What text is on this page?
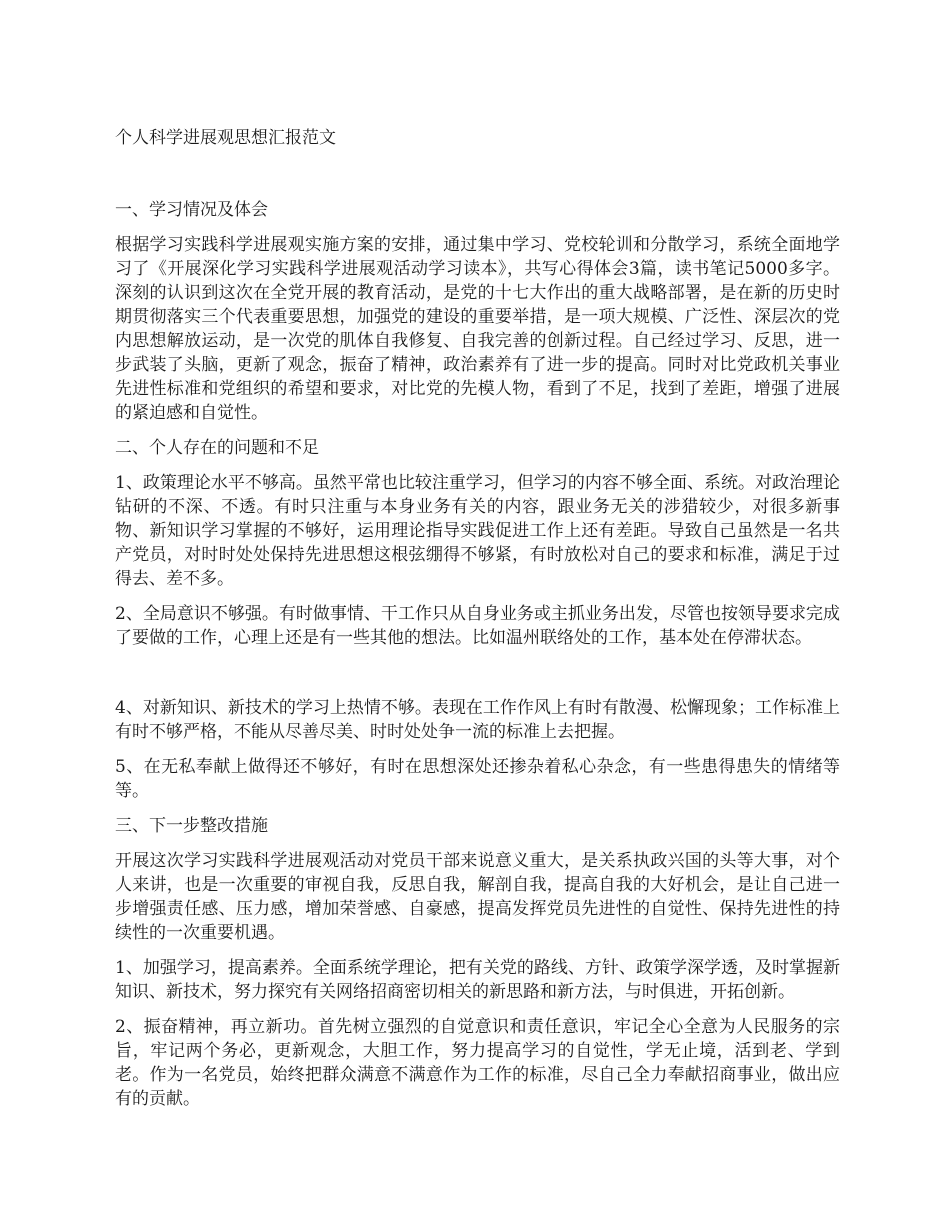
个人科学进展观思想汇报范文
一、学习情况及体会
根据学习实践科学进展观实施方案的安排，通过集中学习、党校轮训和分散学习，系统全面地学习了《开展深化学习实践科学进展观活动学习读本》，共写心得体会3篇，读书笔记5000多字。深刻的认识到这次在全党开展的教育活动，是党的十七大作出的重大战略部署，是在新的历史时期贯彻落实三个代表重要思想，加强党的建设的重要举措，是一项大规模、广泛性、深层次的党内思想解放运动，是一次党的肌体自我修复、自我完善的创新过程。自己经过学习、反思，进一步武装了头脑，更新了观念，振奋了精神，政治素养有了进一步的提高。同时对比党政机关事业先进性标准和党组织的希望和要求，对比党的先模人物，看到了不足，找到了差距，增强了进展的紧迫感和自觉性。
二、个人存在的问题和不足
1、政策理论水平不够高。虽然平常也比较注重学习，但学习的内容不够全面、系统。对政治理论钻研的不深、不透。有时只注重与本身业务有关的内容，跟业务无关的涉猎较少，对很多新事物、新知识学习掌握的不够好，运用理论指导实践促进工作上还有差距。导致自己虽然是一名共产党员，对时时处处保持先进思想这根弦绷得不够紧，有时放松对自己的要求和标准，满足于过得去、差不多。
2、全局意识不够强。有时做事情、干工作只从自身业务或主抓业务出发，尽管也按领导要求完成了要做的工作，心理上还是有一些其他的想法。比如温州联络处的工作，基本处在停滞状态。
4、对新知识、新技术的学习上热情不够。表现在工作作风上有时有散漫、松懈现象；工作标准上有时不够严格，不能从尽善尽美、时时处处争一流的标准上去把握。
5、在无私奉献上做得还不够好，有时在思想深处还掺杂着私心杂念，有一些患得患失的情绪等等。
三、下一步整改措施
开展这次学习实践科学进展观活动对党员干部来说意义重大，是关系执政兴国的头等大事，对个人来讲，也是一次重要的审视自我，反思自我，解剖自我，提高自我的大好机会，是让自己进一步增强责任感、压力感，增加荣誉感、自豪感，提高发挥党员先进性的自觉性、保持先进性的持续性的一次重要机遇。
1、加强学习，提高素养。全面系统学理论，把有关党的路线、方针、政策学深学透，及时掌握新知识、新技术，努力探究有关网络招商密切相关的新思路和新方法，与时俱进，开拓创新。
2、振奋精神，再立新功。首先树立强烈的自觉意识和责任意识，牢记全心全意为人民服务的宗旨，牢记两个务必，更新观念，大胆工作，努力提高学习的自觉性，学无止境，活到老、学到老。作为一名党员，始终把群众满意不满意作为工作的标准，尽自己全力奉献招商事业，做出应有的贡献。
